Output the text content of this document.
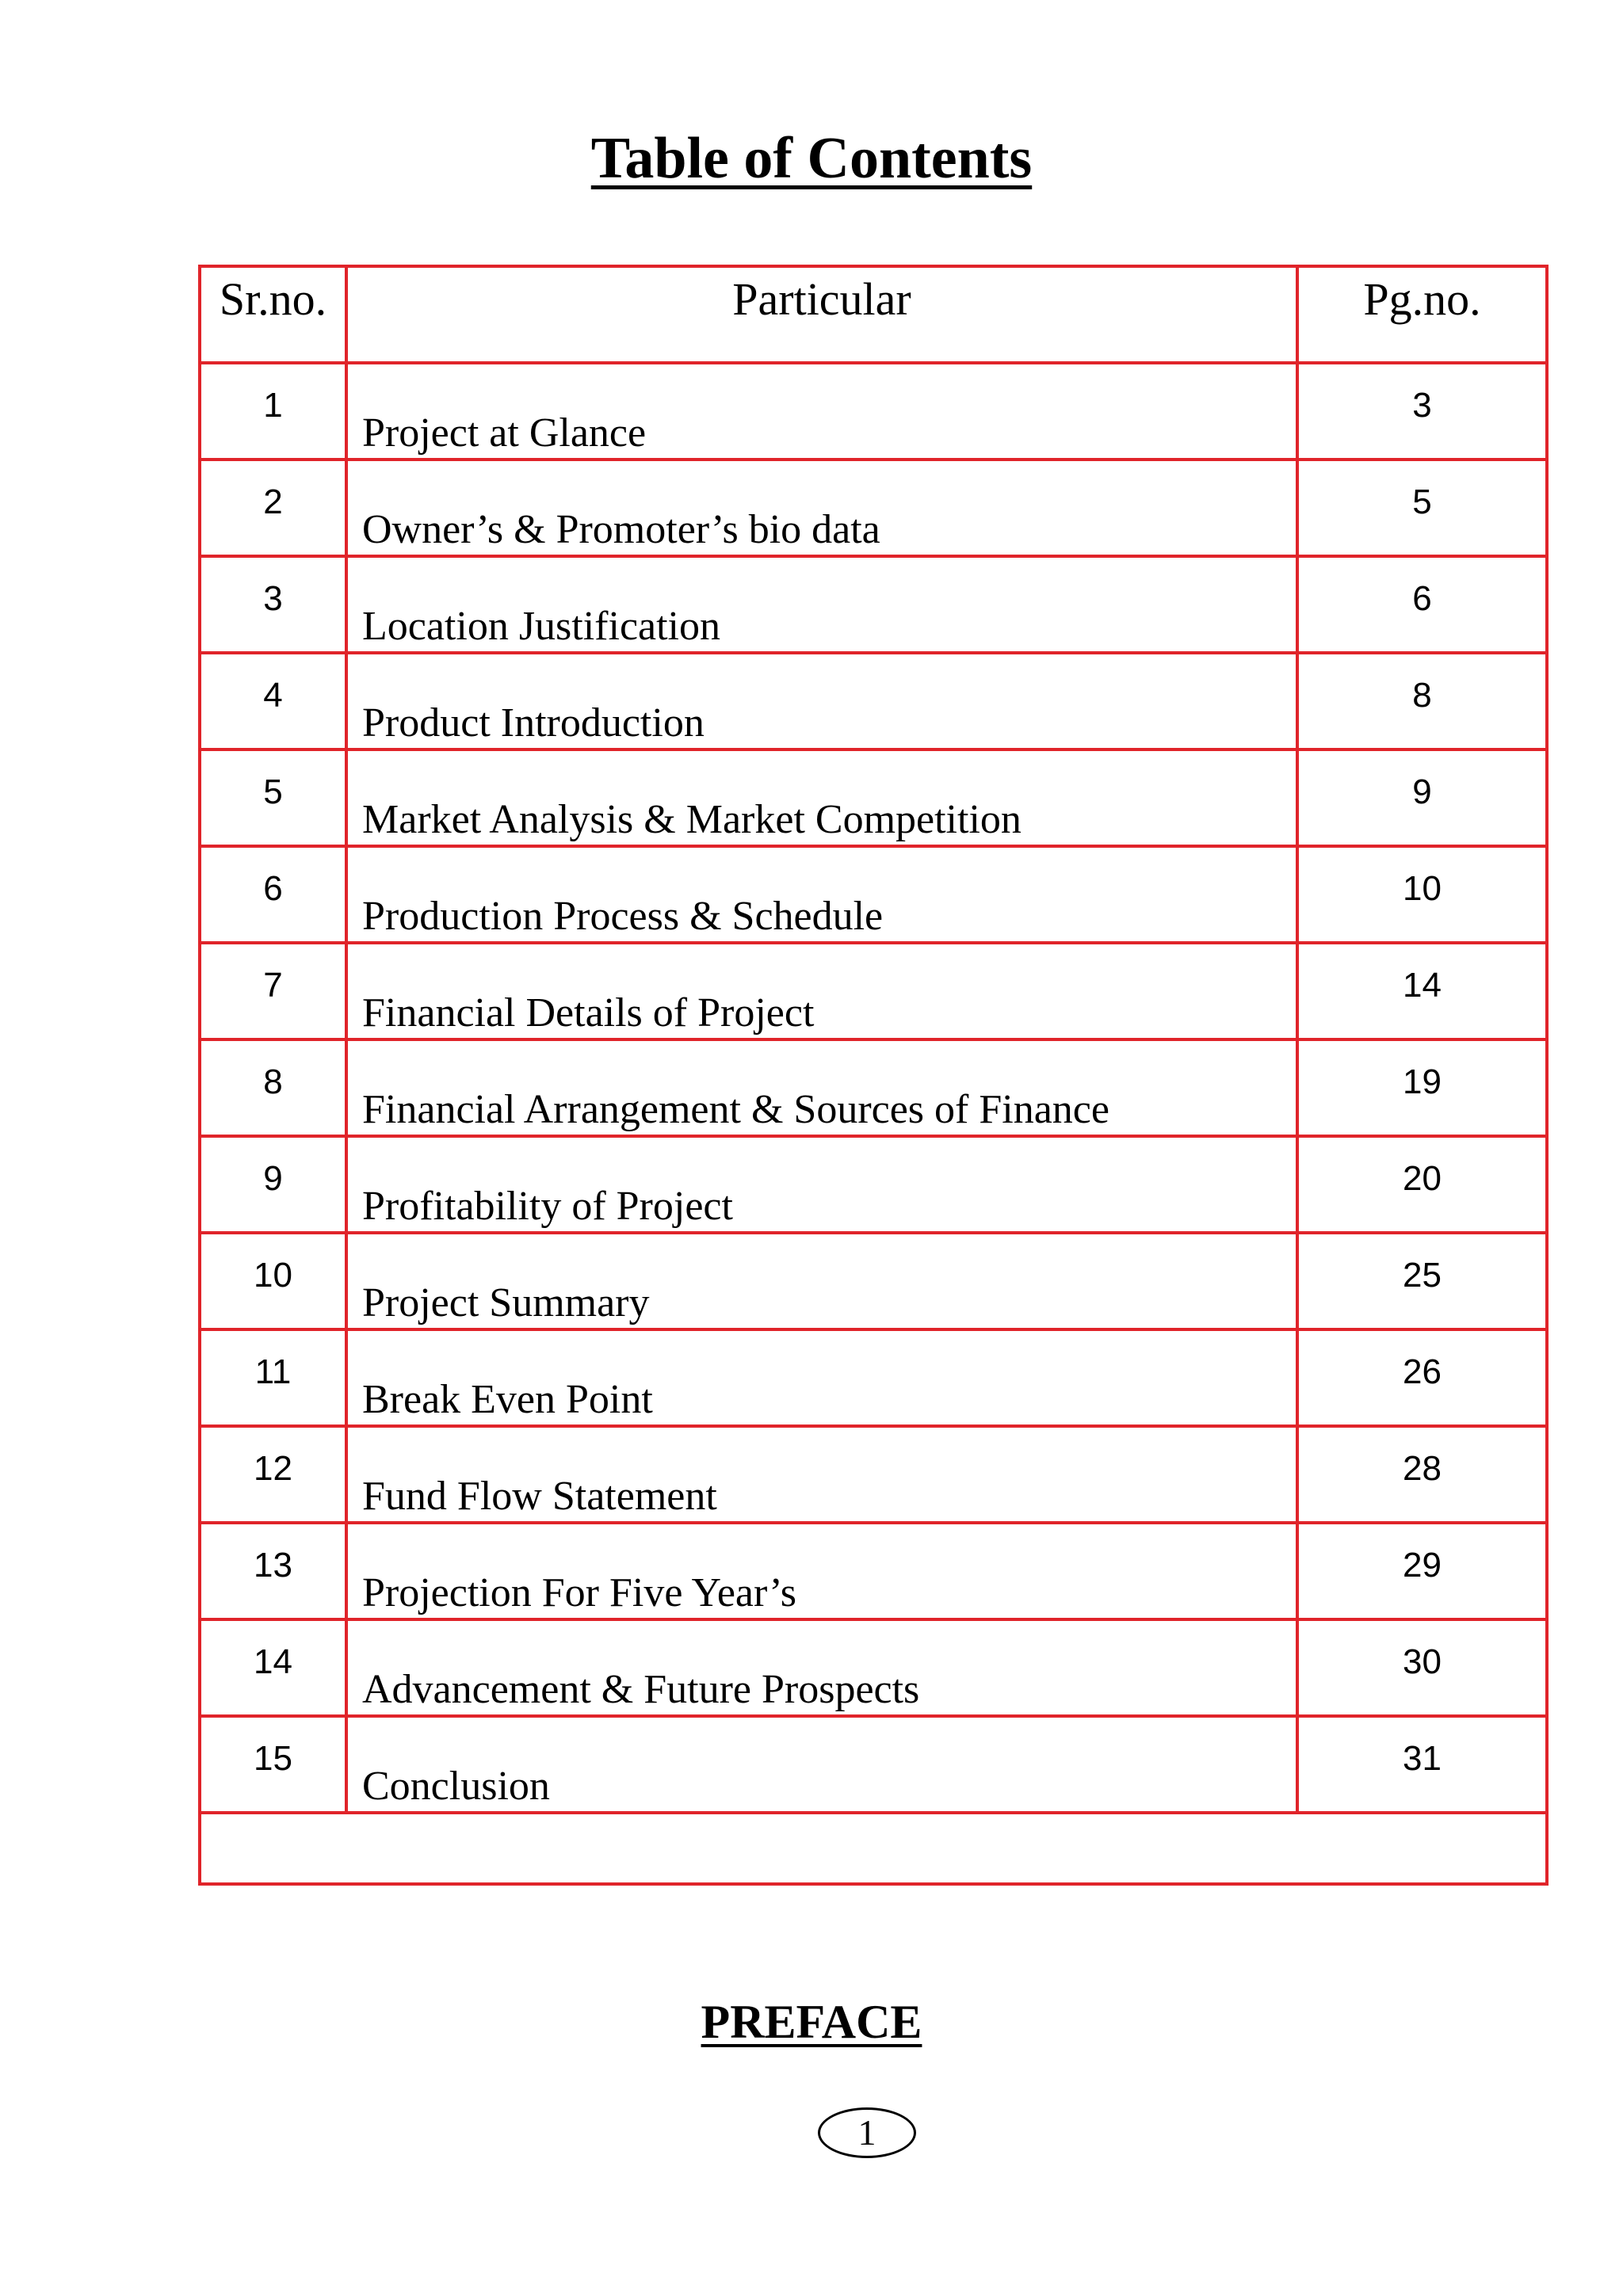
Table of Contents
Sr.no.	Particular	Pg.no.
1	Project at Glance	3
2	Owner’s & Promoter’s bio data	5
3	Location Justification	6
4	Product Introduction	8
5	Market Analysis & Market Competition	9
6	Production Process & Schedule	10
7	Financial Details of Project	14
8	Financial Arrangement & Sources of Finance	19
9	Profitability of Project	20
10	Project Summary	25
11	Break Even Point	26
12	Fund Flow Statement	28
13	Projection For Five Year’s	29
14	Advancement & Future Prospects	30
15	Conclusion	31

PREFACE
1
